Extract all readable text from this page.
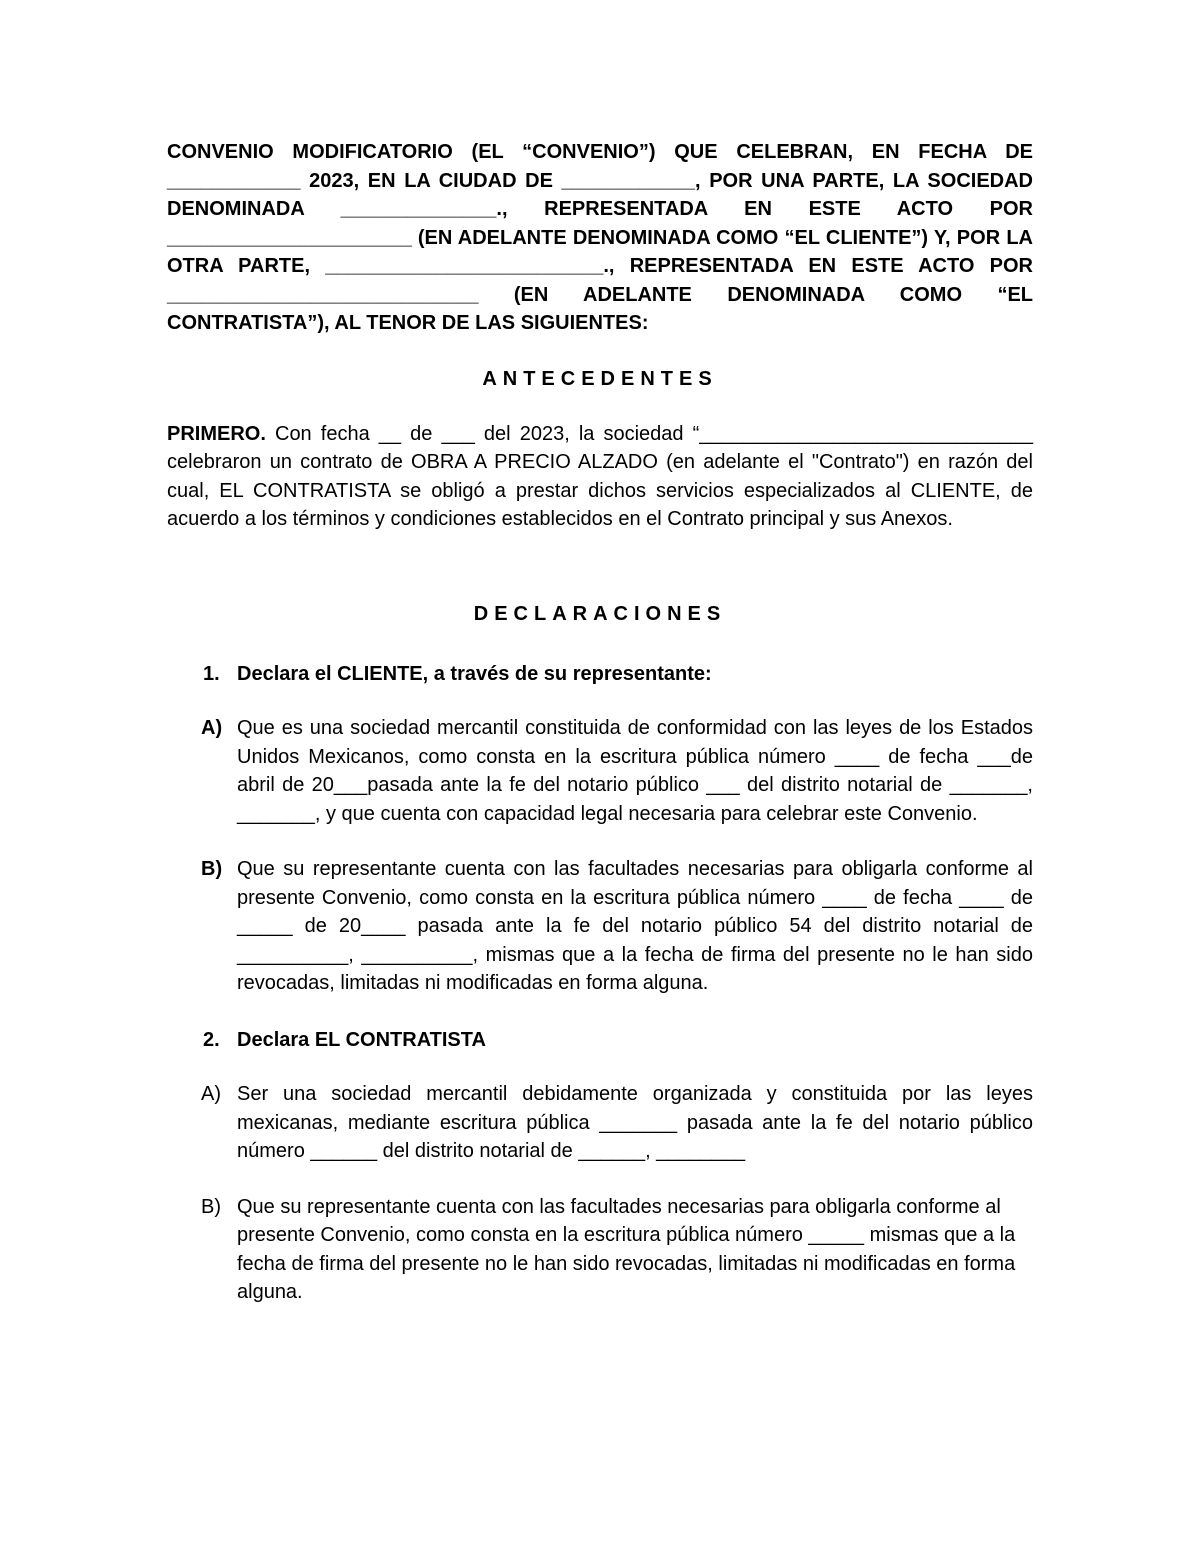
CONVENIO MODIFICATORIO (EL “CONVENIO”) QUE CELEBRAN, EN FECHA DE ____________ 2023, EN LA CIUDAD DE ____________, POR UNA PARTE, LA SOCIEDAD DENOMINADA ______________., REPRESENTADA EN ESTE ACTO POR ______________________ (EN ADELANTE DENOMINADA COMO “EL CLIENTE”) Y, POR LA OTRA PARTE, _________________________., REPRESENTADA EN ESTE ACTO POR ____________________________ (EN ADELANTE DENOMINADA COMO “EL CONTRATISTA”), AL TENOR DE LAS SIGUIENTES:

ANTECEDENTES

PRIMERO. Con fecha __ de ___ del 2023, la sociedad “______________________________ celebraron un contrato de OBRA A PRECIO ALZADO (en adelante el "Contrato") en razón del cual, EL CONTRATISTA se obligó a prestar dichos servicios especializados al CLIENTE, de acuerdo a los términos y condiciones establecidos en el Contrato principal y sus Anexos.

DECLARACIONES

1. Declara el CLIENTE, a través de su representante:

A) Que es una sociedad mercantil constituida de conformidad con las leyes de los Estados Unidos Mexicanos, como consta en la escritura pública número ____ de fecha ___de abril de 20___pasada ante la fe del notario público ___ del distrito notarial de _______, _______, y que cuenta con capacidad legal necesaria para celebrar este Convenio.

B) Que su representante cuenta con las facultades necesarias para obligarla conforme al presente Convenio, como consta en la escritura pública número ____ de fecha ____ de _____ de 20____ pasada ante la fe del notario público 54 del distrito notarial de __________, __________, mismas que a la fecha de firma del presente no le han sido revocadas, limitadas ni modificadas en forma alguna.

2. Declara EL CONTRATISTA

A) Ser una sociedad mercantil debidamente organizada y constituida por las leyes mexicanas, mediante escritura pública _______ pasada ante la fe del notario público número ______ del distrito notarial de ______, ________

B) Que su representante cuenta con las facultades necesarias para obligarla conforme al presente Convenio, como consta en la escritura pública número _____ mismas que a la fecha de firma del presente no le han sido revocadas, limitadas ni modificadas en forma alguna.
